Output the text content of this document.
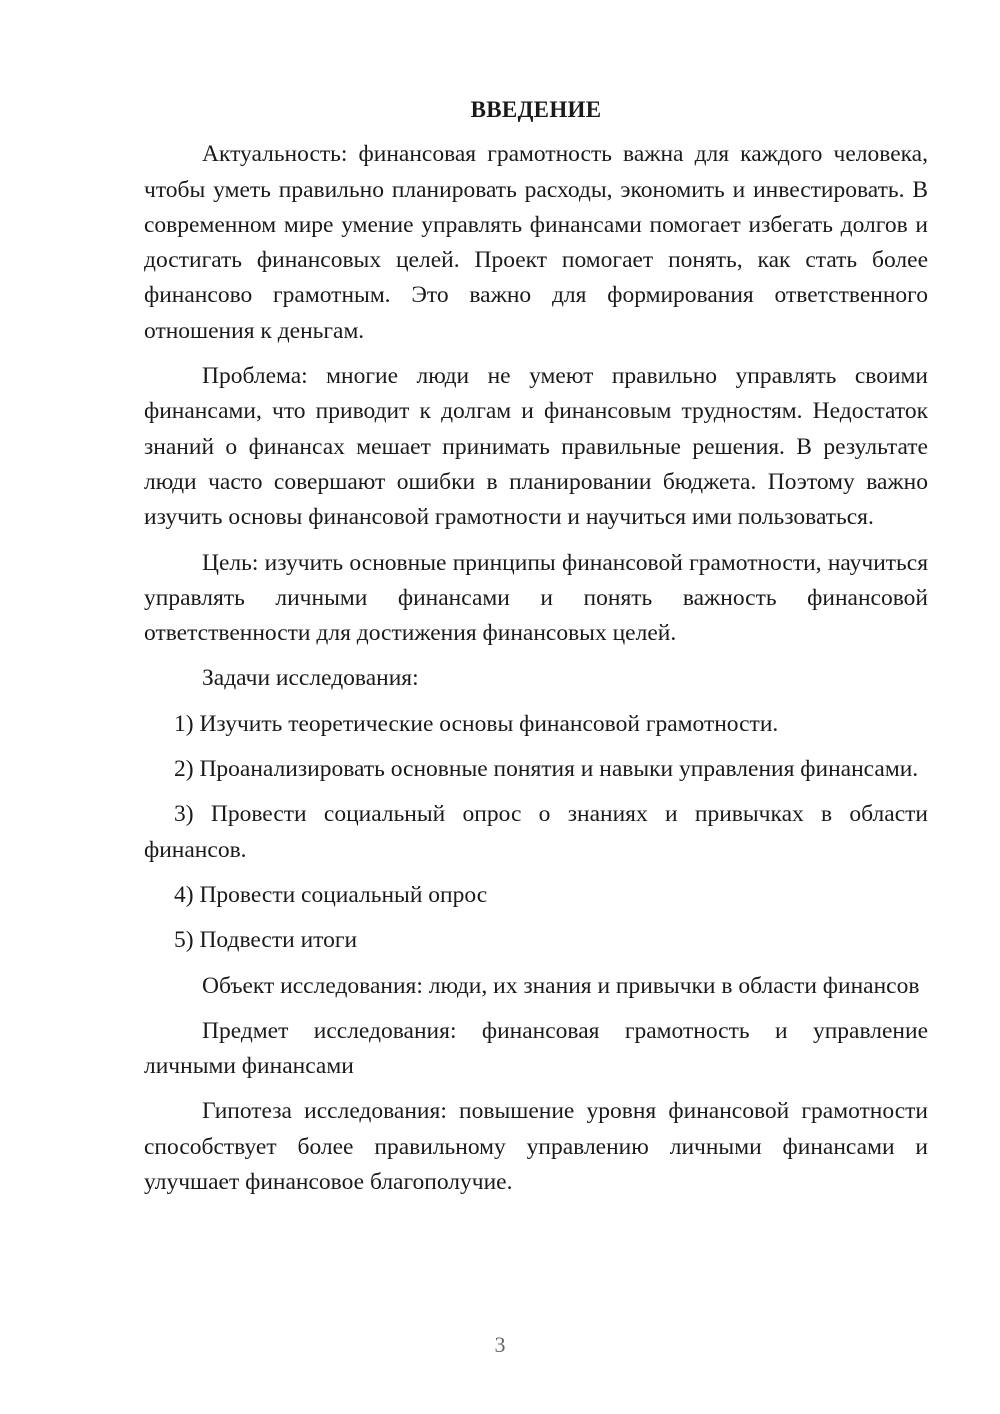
ВВЕДЕНИЕ

Актуальность: финансовая грамотность важна для каждого человека, чтобы уметь правильно планировать расходы, экономить и инвестировать. В современном мире умение управлять финансами помогает избегать долгов и достигать финансовых целей. Проект помогает понять, как стать более финансово грамотным. Это важно для формирования ответственного отношения к деньгам.

Проблема: многие люди не умеют правильно управлять своими финансами, что приводит к долгам и финансовым трудностям. Недостаток знаний о финансах мешает принимать правильные решения. В результате люди часто совершают ошибки в планировании бюджета. Поэтому важно изучить основы финансовой грамотности и научиться ими пользоваться.

Цель: изучить основные принципы финансовой грамотности, научиться управлять личными финансами и понять важность финансовой ответственности для достижения финансовых целей.

Задачи исследования:

1) Изучить теоретические основы финансовой грамотности.

2) Проанализировать основные понятия и навыки управления финансами.

3) Провести социальный опрос о знаниях и привычках в области финансов.

4) Провести социальный опрос

5) Подвести итоги

Объект исследования: люди, их знания и привычки в области финансов

Предмет исследования: финансовая грамотность и управление личными финансами

Гипотеза исследования: повышение уровня финансовой грамотности способствует более правильному управлению личными финансами и улучшает финансовое благополучие.

3
